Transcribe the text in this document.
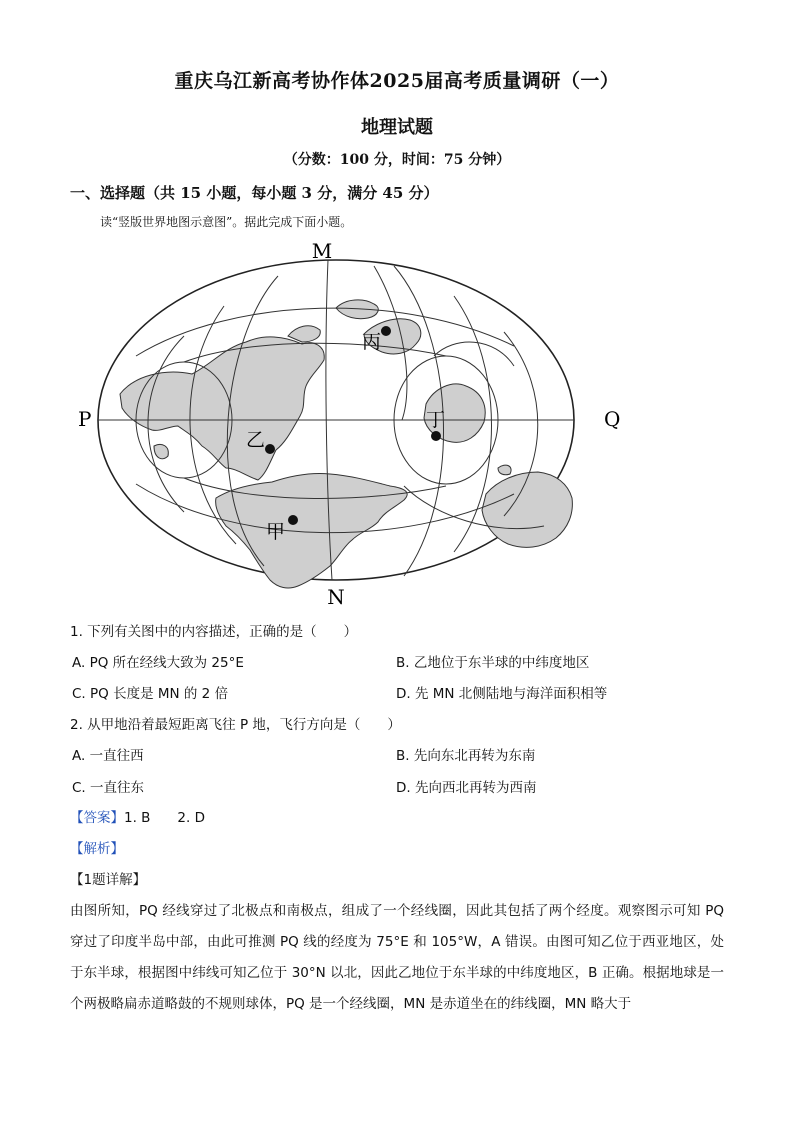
重庆乌江新高考协作体2025届高考质量调研（一）
地理试题
（分数：100 分，时间：75 分钟）
一、选择题（共 15 小题，每小题 3 分，满分 45 分）
读“竖版世界地图示意图”。据此完成下面小题。
M
N
P	Q
甲
乙
丙
丁
1. 下列有关图中的内容描述，正确的是（　　）
A. PQ 所在经线大致为 25°E	B. 乙地位于东半球的中纬度地区
C. PQ 长度是 MN 的 2 倍	D. 先 MN 北侧陆地与海洋面积相等
2. 从甲地沿着最短距离飞往 P 地，飞行方向是（　　）
A. 一直往西	B. 先向东北再转为东南
C. 一直往东	D. 先向西北再转为西南
【答案】1. B　　2. D
【解析】
【1题详解】
由图所知，PQ 经线穿过了北极点和南极点，组成了一个经线圈，因此其包括了两个经度。观察图示可知 PQ 穿过了印度半岛中部，由此可推测 PQ 线的经度为 75°E 和 105°W，A 错误。由图可知乙位于西亚地区，处于东半球，根据图中纬线可知乙位于 30°N 以北，因此乙地位于东半球的中纬度地区，B 正确。根据地球是一个两极略扁赤道略鼓的不规则球体，PQ 是一个经线圈，MN 是赤道坐在的纬线圈，MN 略大于
